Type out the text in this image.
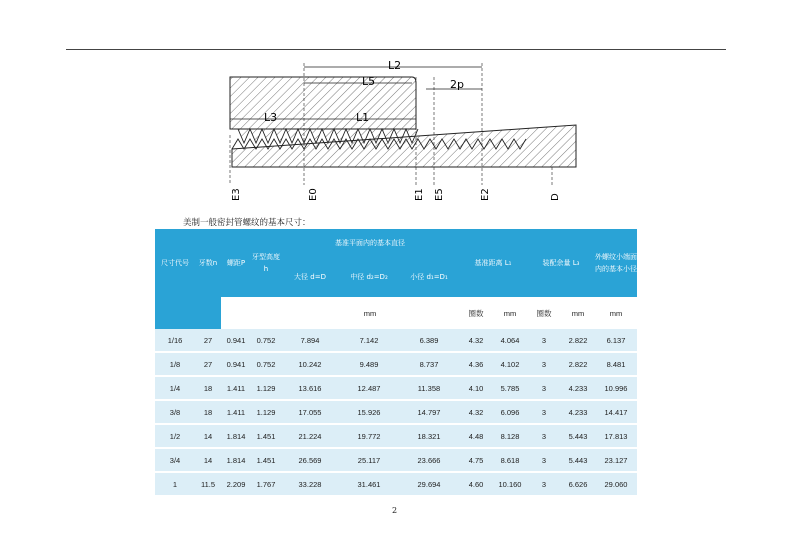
L2
L5	2p
L3	L1
E3	E0	E1 E5	E2	D
美制一般密封管螺纹的基本尺寸：
尺寸代号	牙数n	螺距P	牙型高度h	基准平面内的基本直径			基准距离 L₁		装配余量 L₃		外螺纹小端面内的基本小径
				大径 d=D	中径 d₂=D₂	小径 d₁=D₁					
				mm			圈数	mm	圈数	mm	mm
1/16	27	0.941	0.752	7.894	7.142	6.389	4.32	4.064	3	2.822	6.137
1/8	27	0.941	0.752	10.242	9.489	8.737	4.36	4.102	3	2.822	8.481
1/4	18	1.411	1.129	13.616	12.487	11.358	4.10	5.785	3	4.233	10.996
3/8	18	1.411	1.129	17.055	15.926	14.797	4.32	6.096	3	4.233	14.417
1/2	14	1.814	1.451	21.224	19.772	18.321	4.48	8.128	3	5.443	17.813
3/4	14	1.814	1.451	26.569	25.117	23.666	4.75	8.618	3	5.443	23.127
1	11.5	2.209	1.767	33.228	31.461	29.694	4.60	10.160	3	6.626	29.060
2
